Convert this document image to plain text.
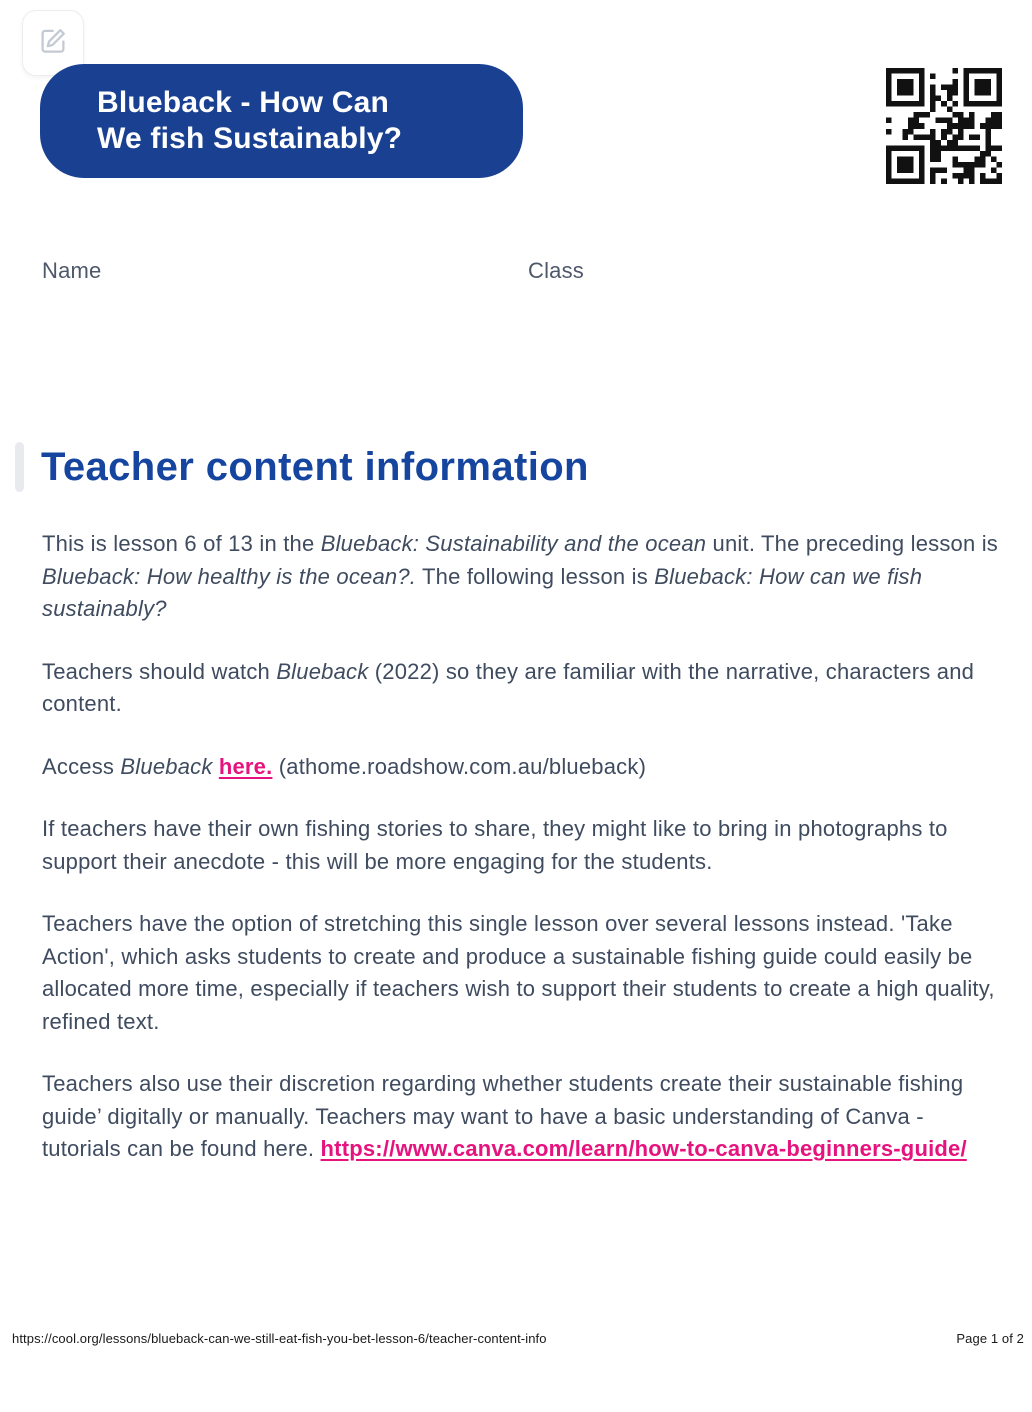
Blueback - How Can We fish Sustainably?
Name	Class
Teacher content information

This is lesson 6 of 13 in the Blueback: Sustainability and the ocean unit. The preceding lesson is Blueback: How healthy is the ocean?. The following lesson is Blueback: How can we fish sustainably?

Teachers should watch Blueback (2022) so they are familiar with the narrative, characters and content.

Access Blueback here. (athome.roadshow.com.au/blueback)

If teachers have their own fishing stories to share, they might like to bring in photographs to support their anecdote - this will be more engaging for the students.

Teachers have the option of stretching this single lesson over several lessons instead. 'Take Action', which asks students to create and produce a sustainable fishing guide could easily be allocated more time, especially if teachers wish to support their students to create a high quality, refined text.

Teachers also use their discretion regarding whether students create their sustainable fishing guide’ digitally or manually. Teachers may want to have a basic understanding of Canva - tutorials can be found here. https://www.canva.com/learn/how-to-canva-beginners-guide/

https://cool.org/lessons/blueback-can-we-still-eat-fish-you-bet-lesson-6/teacher-content-info	Page 1 of 2
